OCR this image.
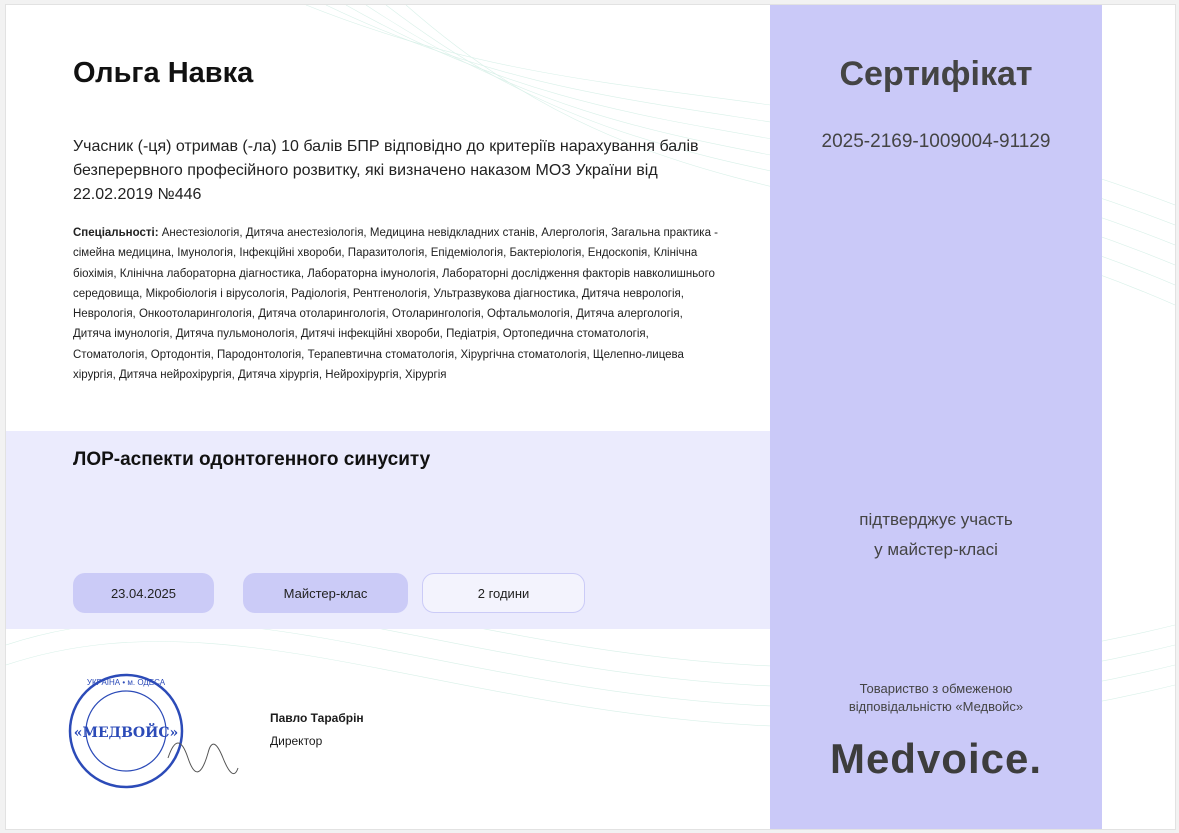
Ольга Навка
Учасник (-ця) отримав (-ла) 10 балів БПР відповідно до критеріїв нарахування балів безперервного професійного розвитку, які визначено наказом МОЗ України від 22.02.2019 №446
Спеціальності: Анестезіологія, Дитяча анестезіологія, Медицина невідкладних станів, Алергологія, Загальна практика - сімейна медицина, Імунологія, Інфекційні хвороби, Паразитологія, Епідеміологія, Бактеріологія, Ендоскопія, Клінічна біохімія, Клінічна лабораторна діагностика, Лабораторна імунологія, Лабораторні дослідження факторів навколишнього середовища, Мікробіологія і вірусологія, Радіологія, Рентгенологія, Ультразвукова діагностика, Дитяча неврологія, Неврологія, Онкоотоларингологія, Дитяча отоларингологія, Отоларингологія, Офтальмологія, Дитяча алергологія, Дитяча імунологія, Дитяча пульмонологія, Дитячі інфекційні хвороби, Педіатрія, Ортопедична стоматологія, Стоматологія, Ортодонтія, Пародонтологія, Терапевтична стоматологія, Хірургічна стоматологія, Щелепно-лицева хірургія, Дитяча нейрохірургія, Дитяча хірургія, Нейрохірургія, Хірургія
ЛОР-аспекти одонтогенного синуситу
23.04.2025	Майстер-клас	2 години
Сертифікат
2025-2169-1009004-91129
підтверджує участь
у майстер-класі
Товариство з обмеженою
відповідальністю «Медвойс»
Medvoice.
«МЕДВОЙС»
УКРАЇНА • м. ОДЕСА
Павло Тарабрін
Директор
